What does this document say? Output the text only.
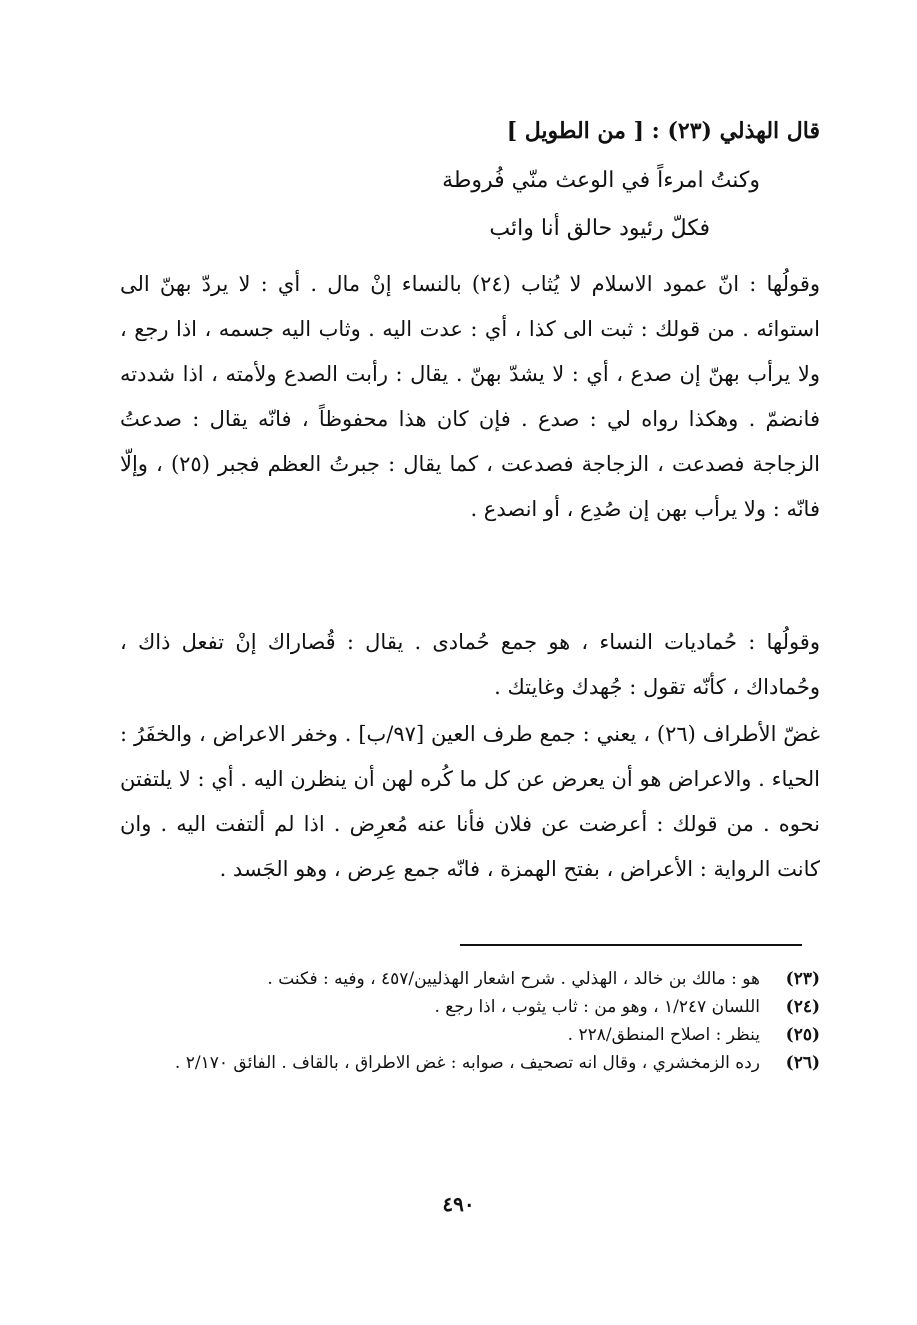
قال الهذلي (٢٣) : [ من الطويل ]
وكنتُ امرءاً في الوعث منّي فُروطة
فكلّ رئيود حالق أنا وائب
وقولُها : انّ عمود الاسلام لا يُثاب (٢٤) بالنساء إنْ مال . أي : لا يردّ بهنّ الى استوائه . من قولك : ثبت الى كذا ، أي : عدت اليه . وثاب اليه جسمه ، اذا رجع ، ولا يرأب بهنّ إن صدع ، أي : لا يشدّ بهنّ . يقال : رأبت الصدع ولأمته ، اذا شددته فانضمّ . وهكذا رواه لي : صدع . فإن كان هذا محفوظاً ، فانّه يقال : صدعتُ الزجاجة فصدعت ، الزجاجة فصدعت ، كما يقال : جبرتُ العظم فجبر (٢٥) ، وإلّا فانّه : ولا يرأب بهن إن صُدِع ، أو انصدع .
وقولُها : حُماديات النساء ، هو جمع حُمادى . يقال : قُصاراك إنْ تفعل ذاك ، وحُماداك ، كأنّه تقول : جُهدك وغايتك .
غضّ الأطراف (٢٦) ، يعني : جمع طرف العين [٩٧/ب] . وخفر الاعراض ، والخفَرُ : الحياء . والاعراض هو أن يعرض عن كل ما كُره لهن أن ينظرن اليه . أي : لا يلتفتن نحوه . من قولك : أعرضت عن فلان فأنا عنه مُعرِض . اذا لم ألتفت اليه . وان كانت الرواية : الأعراض ، بفتح الهمزة ، فانّه جمع عِرض ، وهو الجَسد .
(٢٣)
هو : مالك بن خالد ، الهذلي . شرح اشعار الهذليين/٤٥٧ ، وفيه : فكنت .
(٢٤)
اللسان ١/٢٤٧ ، وهو من : ثاب يثوب ، اذا رجع .
(٢٥)
ينظر : اصلاح المنطق/٢٢٨ .
(٢٦)
رده الزمخشري ، وقال انه تصحيف ، صوابه : غض الاطراق ، بالقاف . الفائق ٢/١٧٠ .
٤٩٠
